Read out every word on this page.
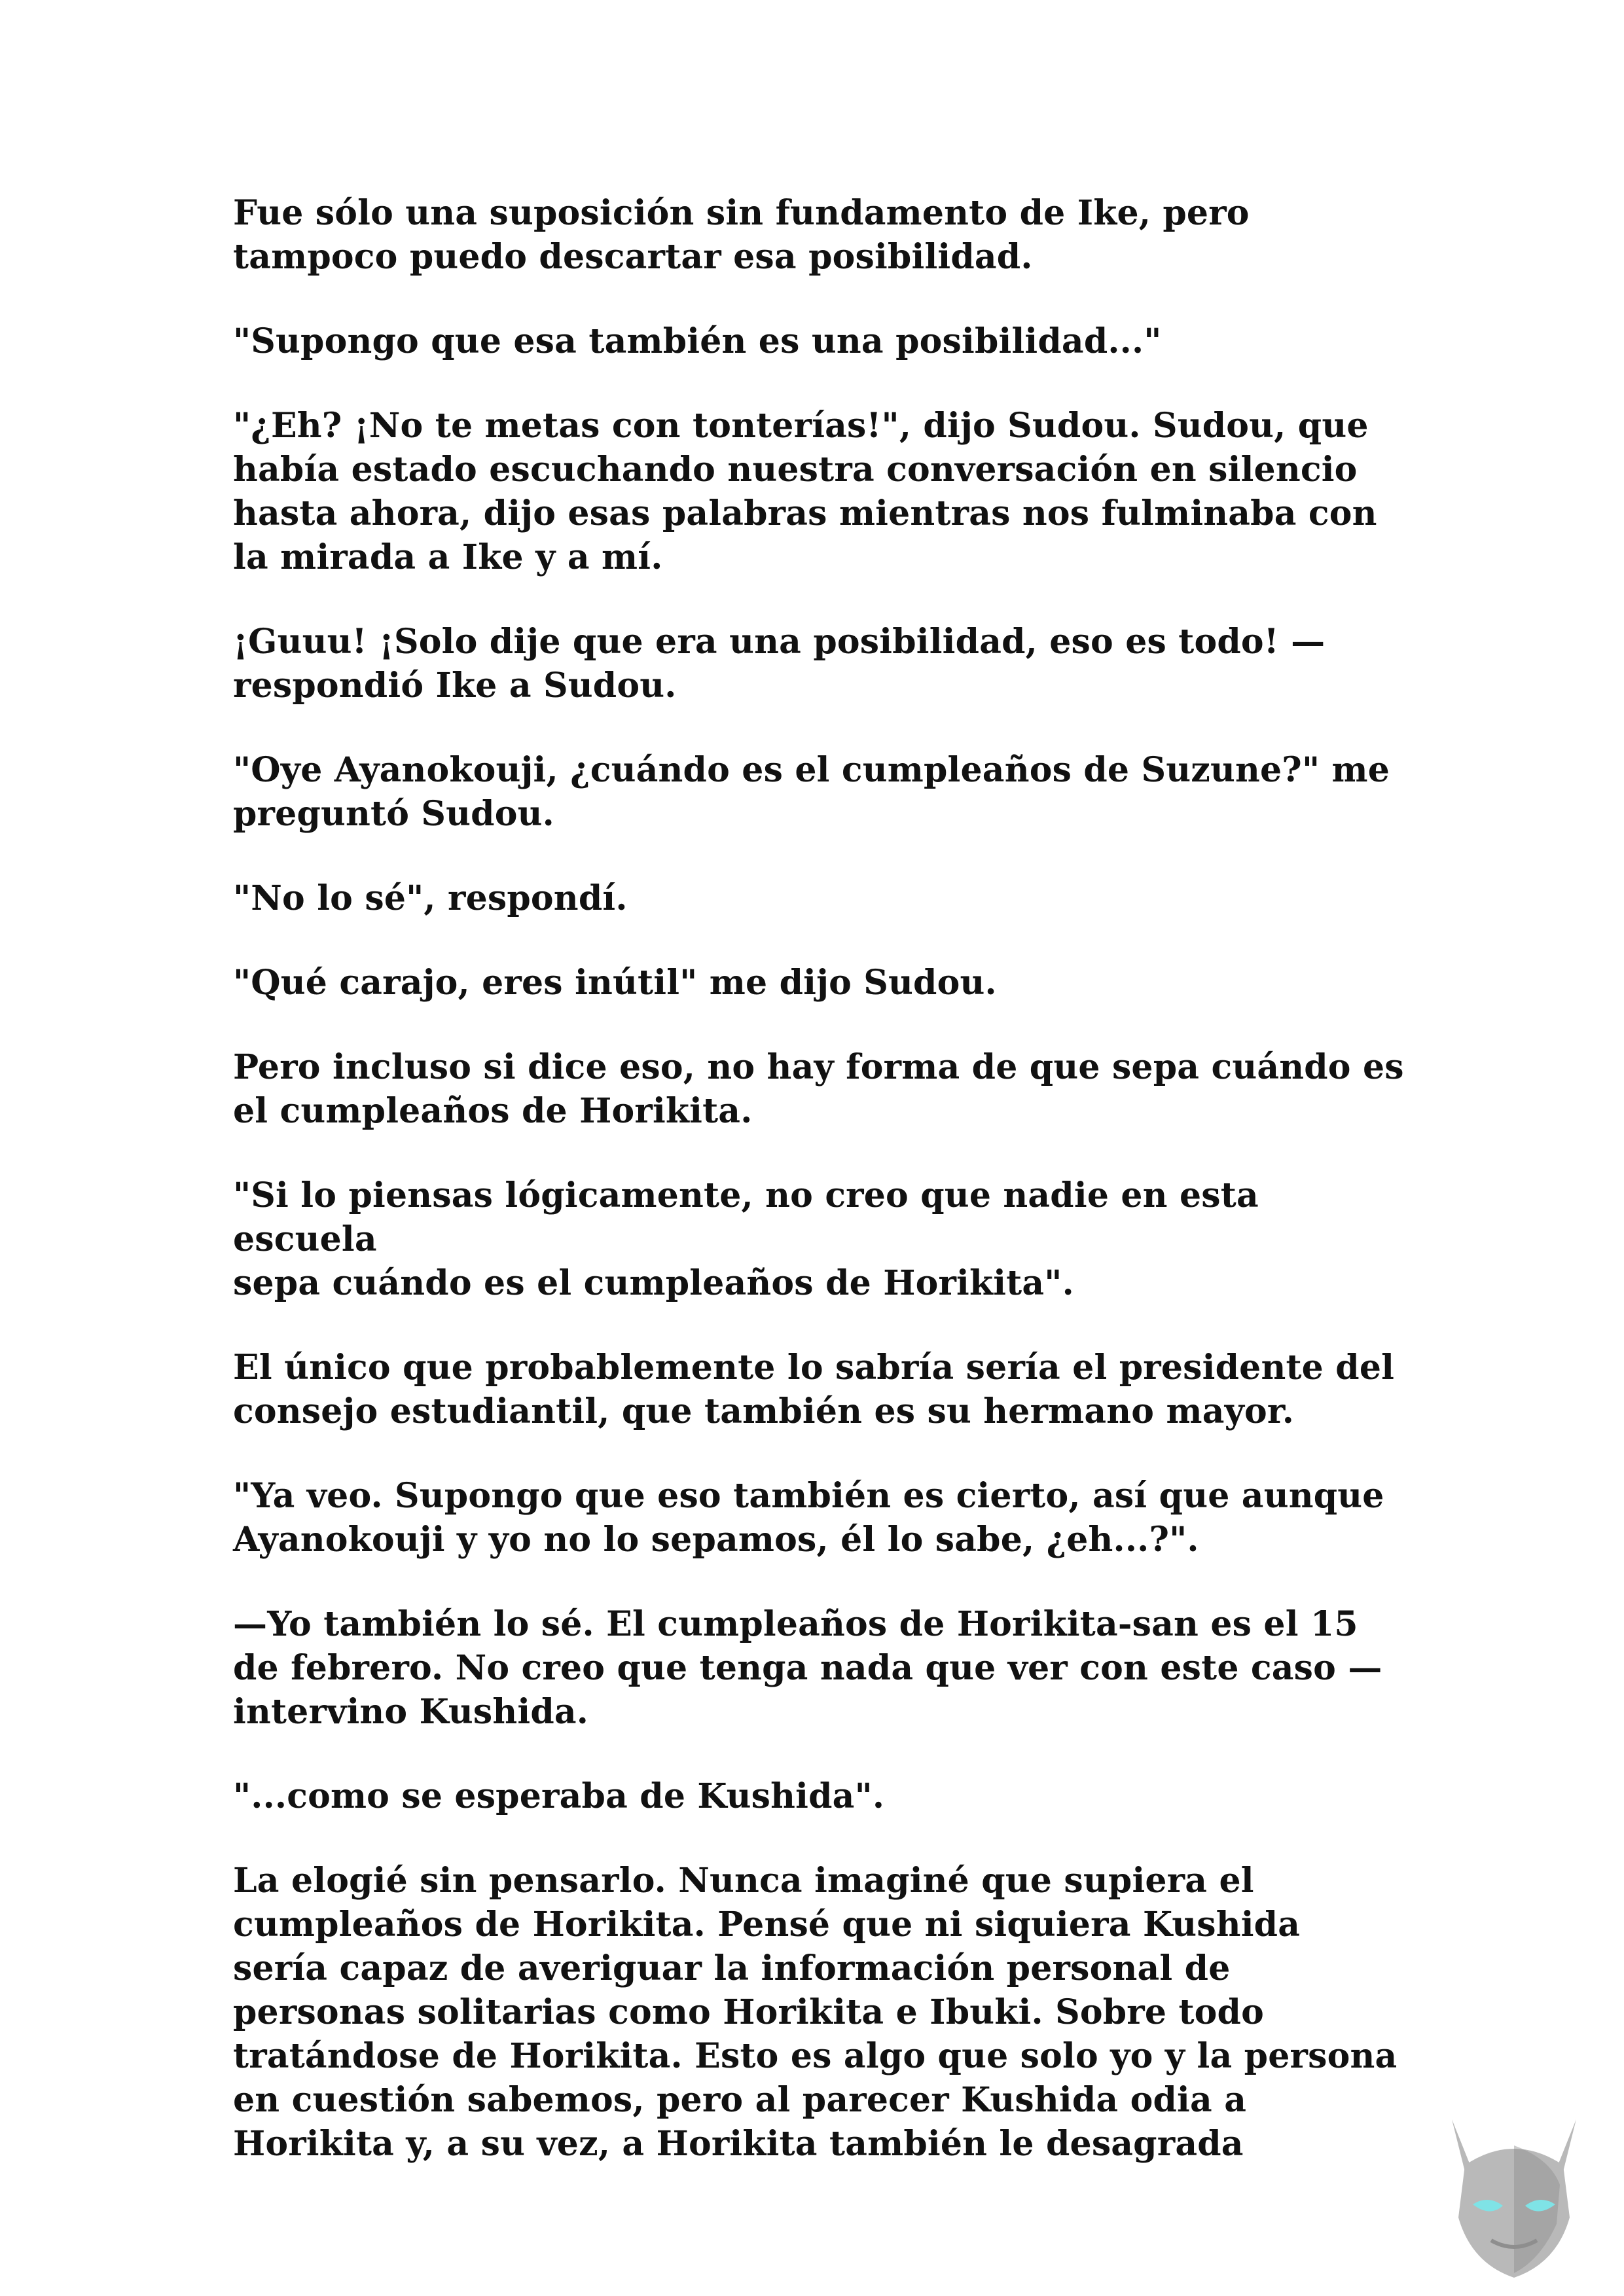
Fue sólo una suposición sin fundamento de Ike, pero
tampoco puedo descartar esa posibilidad.

"Supongo que esa también es una posibilidad..."

"¿Eh? ¡No te metas con tonterías!", dijo Sudou. Sudou, que
había estado escuchando nuestra conversación en silencio
hasta ahora, dijo esas palabras mientras nos fulminaba con
la mirada a Ike y a mí.

¡Guuu! ¡Solo dije que era una posibilidad, eso es todo! —
respondió Ike a Sudou.

"Oye Ayanokouji, ¿cuándo es el cumpleaños de Suzune?" me
preguntó Sudou.

"No lo sé", respondí.

"Qué carajo, eres inútil" me dijo Sudou.

Pero incluso si dice eso, no hay forma de que sepa cuándo es
el cumpleaños de Horikita.

"Si lo piensas lógicamente, no creo que nadie en esta escuela
sepa cuándo es el cumpleaños de Horikita".

El único que probablemente lo sabría sería el presidente del
consejo estudiantil, que también es su hermano mayor.

"Ya veo. Supongo que eso también es cierto, así que aunque
Ayanokouji y yo no lo sepamos, él lo sabe, ¿eh...?".

—Yo también lo sé. El cumpleaños de Horikita-san es el 15
de febrero. No creo que tenga nada que ver con este caso —
intervino Kushida.

"...como se esperaba de Kushida".

La elogié sin pensarlo. Nunca imaginé que supiera el
cumpleaños de Horikita. Pensé que ni siquiera Kushida
sería capaz de averiguar la información personal de
personas solitarias como Horikita e Ibuki. Sobre todo
tratándose de Horikita. Esto es algo que solo yo y la persona
en cuestión sabemos, pero al parecer Kushida odia a
Horikita y, a su vez, a Horikita también le desagrada
